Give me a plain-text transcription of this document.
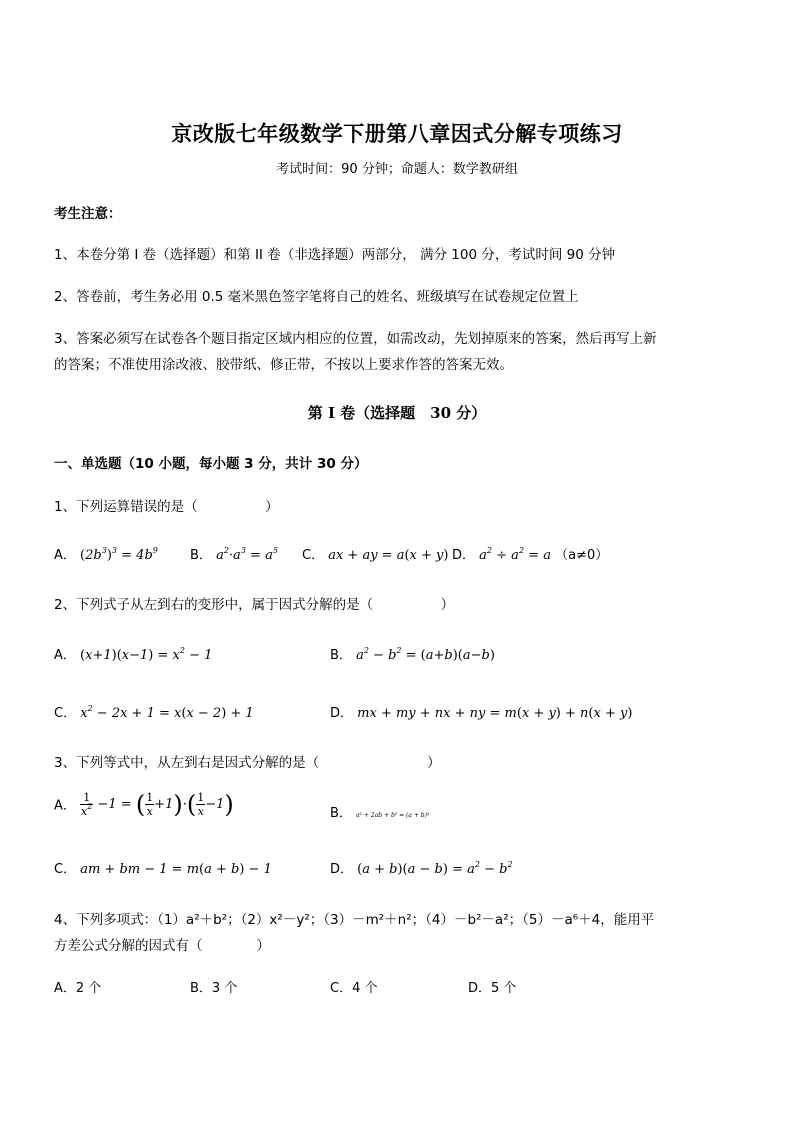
京改版七年级数学下册第八章因式分解专项练习
考试时间：90 分钟；命题人：数学教研组
考生注意：
1、本卷分第 I 卷（选择题）和第 II 卷（非选择题）两部分， 满分 100 分，考试时间 90 分钟
2、答卷前，考生务必用 0.5 毫米黑色签字笔将自己的姓名、班级填写在试卷规定位置上
3、答案必须写在试卷各个题目指定区域内相应的位置，如需改动，先划掉原来的答案，然后再写上新
的答案；不准使用涂改液、胶带纸、修正带，不按以上要求作答的答案无效。
第 I 卷（选择题　30 分）
一、单选题（10 小题，每小题 3 分，共计 30 分）
1、下列运算错误的是（　　　　　）
A． $(2b^3)^3 = 4b^9$ B． $a^2\cdot a^3 = a^5$ C． ax + ay = a(x + y) D． $a^2 \div a^2 = a$ （a≠0）
2、下列式子从左到右的变形中，属于因式分解的是（　　　　　）
A． $(x+1)(x-1) = x^2 - 1$	B． $a^2 - b^2 = (a+b)(a-b)$
C． $x^2 - 2x + 1 = x(x - 2) + 1$	D． mx + my + nx + ny = m(x + y) + n(x + y)
3、下列等式中，从左到右是因式分解的是（　　　　　　　　）
A． $\frac{1}{x^2} -1$ = ( $\frac{1}{x} +1)\cdot( \frac{1}{x} -1)$	B． a² + 2ab + b² = (a + b)²
C． am + bm − 1 = m(a + b) − 1	D． $(a + b)(a - b) = a^2 - b^2$
4、下列多项式：（1）a²＋b²；（2）x²－y²；（3）－m²＋n²；（4）－b²－a²；（5）－a⁶＋4，能用平
方差公式分解的因式有（　　　　）
A．2 个	B．3 个	C．4 个	D．5 个
